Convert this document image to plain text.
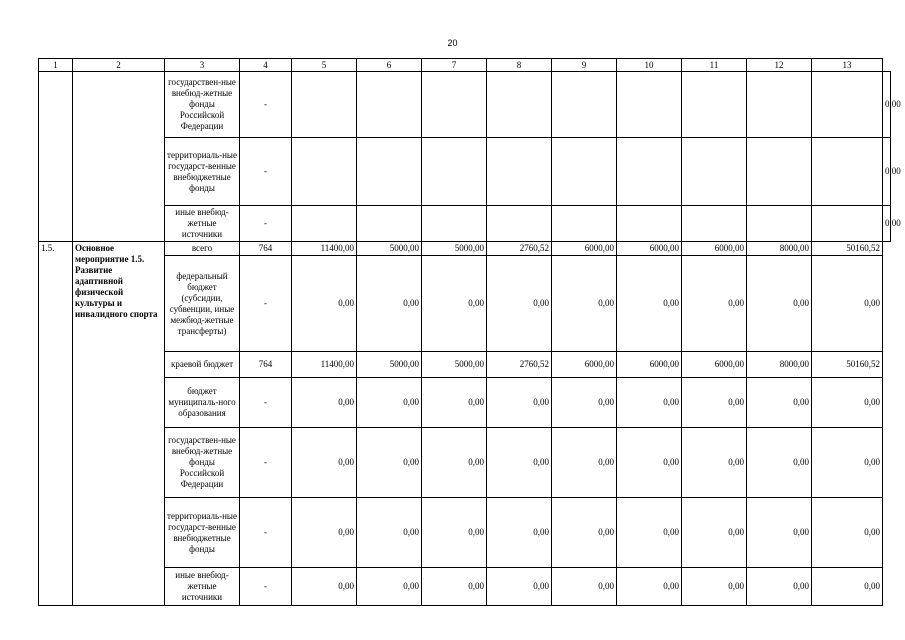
20
1	2	3	4	5	6	7	8	9	10	11	12	13	
		государствен-ные внебюд-жетные фонды Российской Федерации	-										0,00
		территориаль-ные государст-венные внебюджетные фонды	-										0,00
		иные внебюд-жетные источники	-										0,00
1.5.	Основное мероприятие 1.5. Развитие адаптивной физической культуры и инвалидного спорта	всего	764	11400,00	5000,00	5000,00	2760,52	6000,00	6000,00	6000,00	8000,00	50160,52	
		федеральный бюджет (субсидии, субвенции, иные межбюд-жетные трансферты)	-	0,00	0,00	0,00	0,00	0,00	0,00	0,00	0,00	0,00	
		краевой бюджет	764	11400,00	5000,00	5000,00	2760,52	6000,00	6000,00	6000,00	8000,00	50160,52	
		бюджет муниципаль-ного образования	-	0,00	0,00	0,00	0,00	0,00	0,00	0,00	0,00	0,00	
		государствен-ные внебюд-жетные фонды Российской Федерации	-	0,00	0,00	0,00	0,00	0,00	0,00	0,00	0,00	0,00	
		территориаль-ные государст-венные внебюджетные фонды	-	0,00	0,00	0,00	0,00	0,00	0,00	0,00	0,00	0,00	
		иные внебюд-жетные источники	-	0,00	0,00	0,00	0,00	0,00	0,00	0,00	0,00	0,00	
